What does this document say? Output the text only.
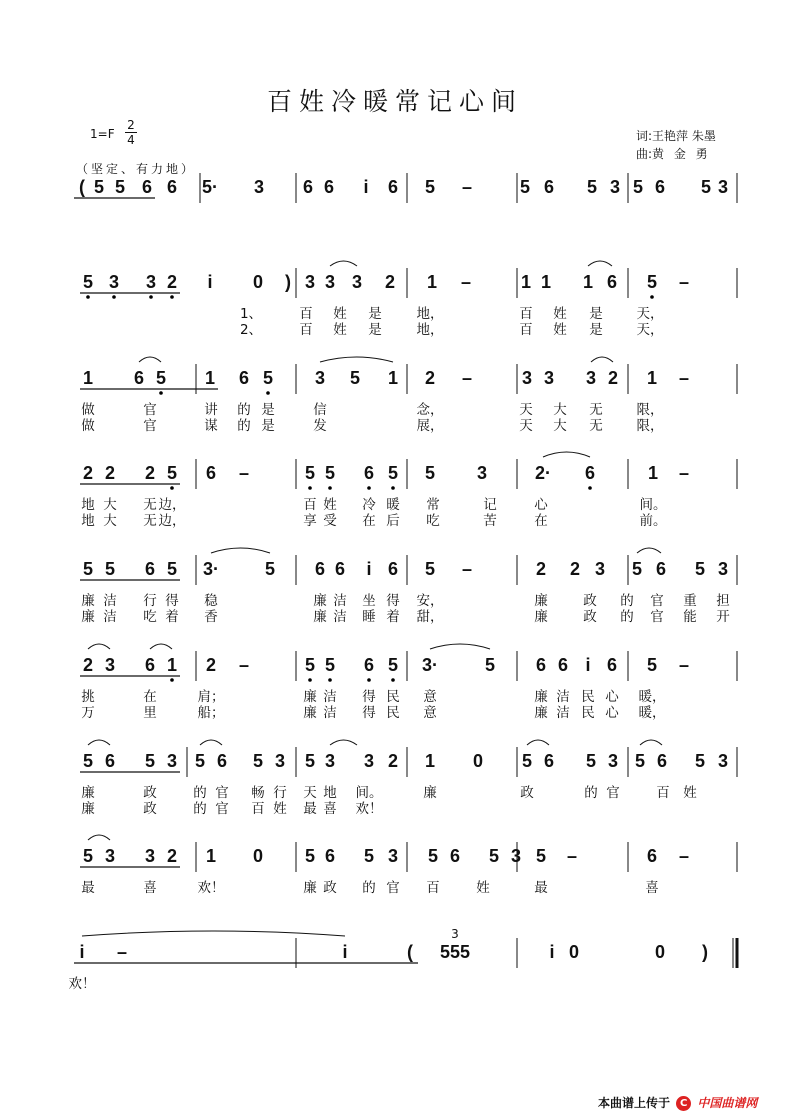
百姓冷暖常记心间
1=F
2
4
（坚定、有力地）
词:王艳萍 朱墨
曲:黄 金 勇
( 5 5 6 6 5· 3 6 6 i 6 5 –	5 6 5 3 5 6 5 3
5 3 3 2 i 0 ) 3 3 3 2 1 –	1 1 1 6 5 –
1、	百 姓 是	地，	百 姓 是	天，
2、	百 姓 是	地，	百 姓 是	天，
1 6 5 1 6 5 3 5 1 2 –	3 3 3 2 1 –
做	官	讲 的 是	信	念，	天 大 无	限，
做	官	谋 的 是	发	展，	天 大 无	限，
2 2 2 5 6 –	5 5 6 5 5 3	2· 6	1 –
地 大 无 边，	百 姓 冷 暖 常	记	心	间。
地 大 无 边，	享 受 在 后 吃	苦	在	前。
5 5 6 5 3·	5 6 6 i 6 5 –	2 2 3 5 6 5 3
廉 洁 行 得 稳	廉 洁 坐 得 安，	廉	政 的 官 重 担
廉 洁 吃 着 香	廉 洁 睡 着 甜，	廉	政 的 官 能 开
2 3 6 1 2 –	5 5 6 5 3·	5 6 6 i 6 5 –
挑	在	肩；	廉 洁 得 民 意	廉 洁 民 心 暖，
万	里	船；	廉 洁 得 民 意	廉 洁 民 心 暖，
5 6 5 3 5 6 5 3 5 3 3 2 1 0 5 6 5 3 5 6 5 3
廉	政	的 官 畅 行 天 地 间。	廉	政	的 官	百 姓
廉	政	的 官 百 姓 最 喜 欢！
5 3 3 2 1 0 5 6 5 3 5 6 5 3 5 –	6 –
最	喜	欢！	廉 政 的 官 百	姓	最	喜
i –	i	( 555	i 0	0 )
欢！
3
本曲谱上传于 C 中国曲谱网
